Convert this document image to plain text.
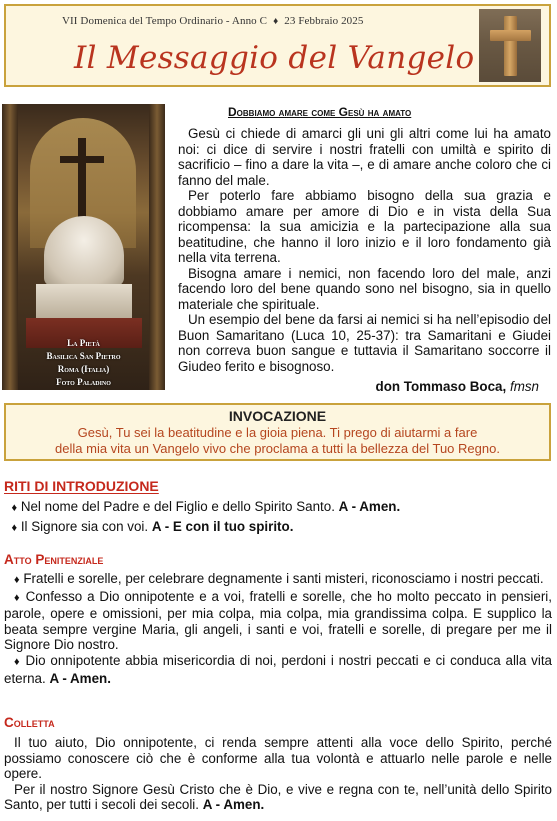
VII Domenica del Tempo Ordinario - Anno C ♦ 23 Febbraio 2025
Il Messaggio del Vangelo
La Pietà
Basilica San Pietro
Roma (Italia)
Foto Paladino
Dobbiamo amare come Gesù ha amato

Gesù ci chiede di amarci gli uni gli altri come lui ha amato noi: ci dice di servire i nostri fratelli con umiltà e spirito di sacrificio – fino a dare la vita –, e di amare anche coloro che ci fanno del male.

Per poterlo fare abbiamo bisogno della sua grazia e dobbiamo amare per amore di Dio e in vista della Sua ricompensa: la sua amicizia e la partecipazione alla sua beatitudine, che hanno il loro inizio e il loro fondamento già nella vita terrena.

Bisogna amare i nemici, non facendo loro del male, anzi facendo loro del bene quando sono nel bisogno, sia in quello materiale che spirituale.

Un esempio del bene da farsi ai nemici si ha nell’episodio del Buon Samaritano (Luca 10, 25-37): tra Samaritani e Giudei non correva buon sangue e tuttavia il Samaritano soccorre il Giudeo ferito e bisognoso.

don Tommaso Boca, fmsn
INVOCAZIONE
Gesù, Tu sei la beatitudine e la gioia piena. Ti prego di aiutarmi a fare
della mia vita un Vangelo vivo che proclama a tutti la bellezza del Tuo Regno.
RITI DI INTRODUZIONE

♦ Nel nome del Padre e del Figlio e dello Spirito Santo. A - Amen.

♦ Il Signore sia con voi. A - E con il tuo spirito.

Atto Penitenziale

♦ Fratelli e sorelle, per celebrare degnamente i santi misteri, riconosciamo i nostri peccati.

♦ Confesso a Dio onnipotente e a voi, fratelli e sorelle, che ho molto peccato in pensieri, parole, opere e omissioni, per mia colpa, mia colpa, mia grandissima colpa. E supplico la beata sempre vergine Maria, gli angeli, i santi e voi, fratelli e sorelle, di pregare per me il Signore Dio nostro.

♦ Dio onnipotente abbia misericordia di noi, perdoni i nostri peccati e ci conduca alla vita eterna. A - Amen.

Colletta

Il tuo aiuto, Dio onnipotente, ci renda sempre attenti alla voce dello Spirito, perché possiamo conoscere ciò che è conforme alla tua volontà e attuarlo nelle parole e nelle opere.

Per il nostro Signore Gesù Cristo che è Dio, e vive e regna con te, nell’unità dello Spirito Santo, per tutti i secoli dei secoli. A - Amen.
